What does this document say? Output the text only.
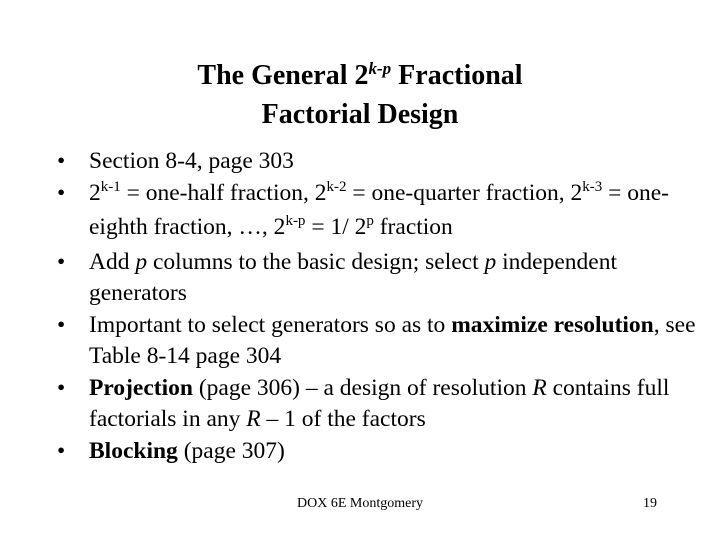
The General 2$^{k-p}$ Fractional
Factorial Design
•	Section 8-4, page 303
•	$2^{k-1}$ = one-half fraction, $2^{k-2}$ = one-quarter fraction, $2^{k-3}$ = one-eighth fraction, …, $2^{k-p} = 1/$ 2$^p$ fraction
•	Add p columns to the basic design; select p independent generators
•	Important to select generators so as to maximize resolution, see Table 8-14 page 304
•	Projection (page 306) – a design of resolution R contains full factorials in any R – 1 of the factors
•	Blocking (page 307)
DOX 6E Montgomery	19
